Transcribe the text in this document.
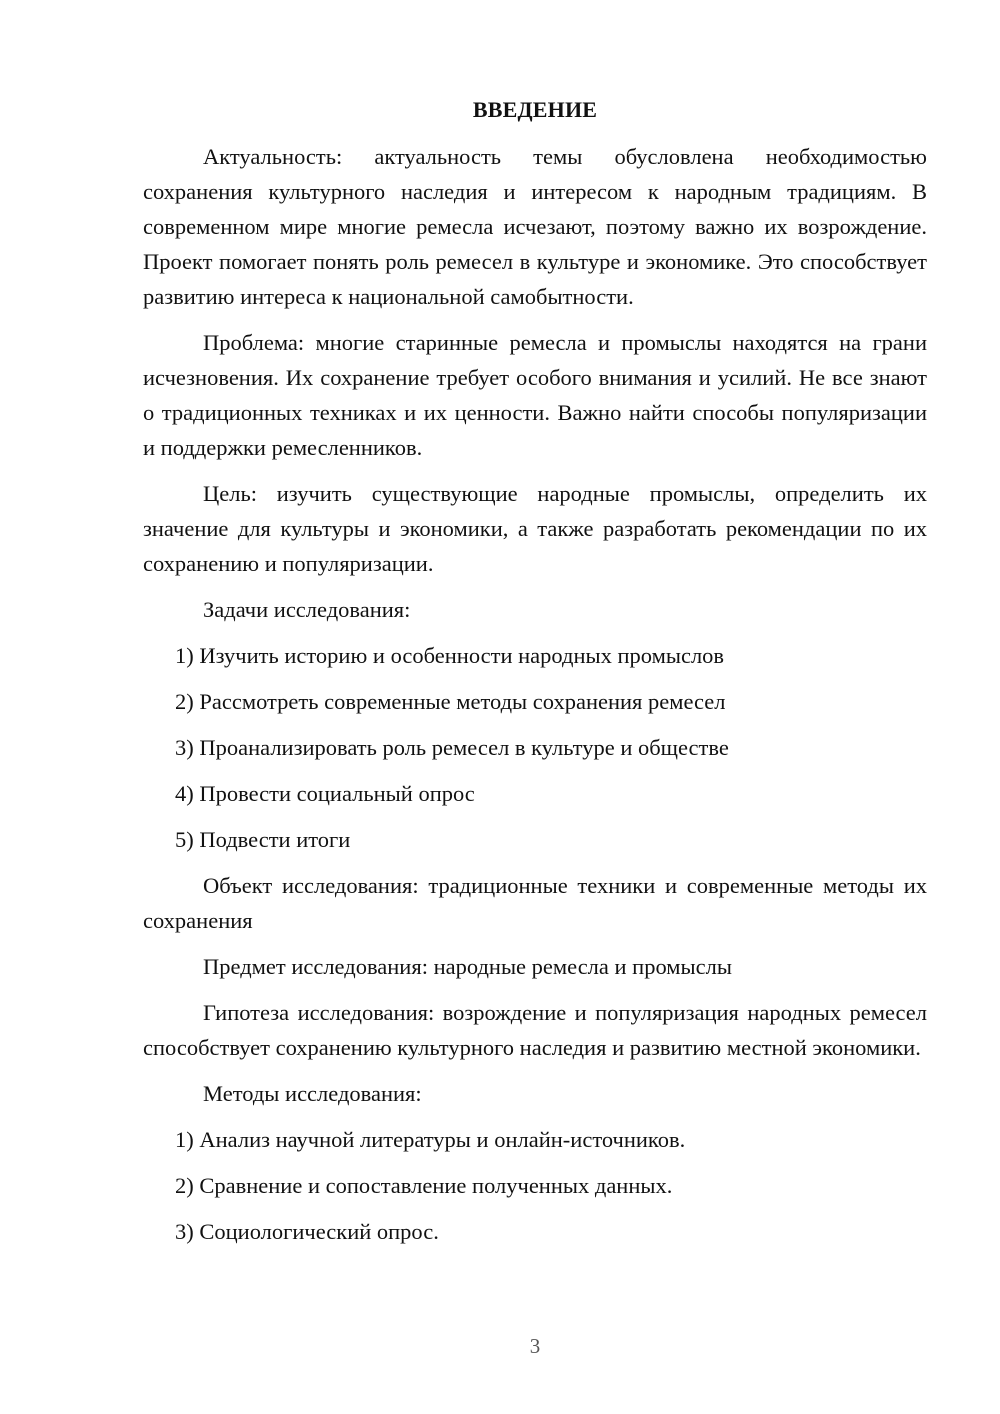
ВВЕДЕНИЕ

Актуальность: актуальность темы обусловлена необходимостью сохранения культурного наследия и интересом к народным традициям. В современном мире многие ремесла исчезают, поэтому важно их возрождение. Проект помогает понять роль ремесел в культуре и экономике. Это способствует развитию интереса к национальной самобытности.

Проблема: многие старинные ремесла и промыслы находятся на грани исчезновения. Их сохранение требует особого внимания и усилий. Не все знают о традиционных техниках и их ценности. Важно найти способы популяризации и поддержки ремесленников.

Цель: изучить существующие народные промыслы, определить их значение для культуры и экономики, а также разработать рекомендации по их сохранению и популяризации.

Задачи исследования:
1) Изучить историю и особенности народных промыслов
2) Рассмотреть современные методы сохранения ремесел
3) Проанализировать роль ремесел в культуре и обществе
4) Провести социальный опрос
5) Подвести итоги

Объект исследования: традиционные техники и современные методы их сохранения

Предмет исследования: народные ремесла и промыслы

Гипотеза исследования: возрождение и популяризация народных ремесел способствует сохранению культурного наследия и развитию местной экономики.

Методы исследования:
1) Анализ научной литературы и онлайн-источников.
2) Сравнение и сопоставление полученных данных.
3) Социологический опрос.
3
